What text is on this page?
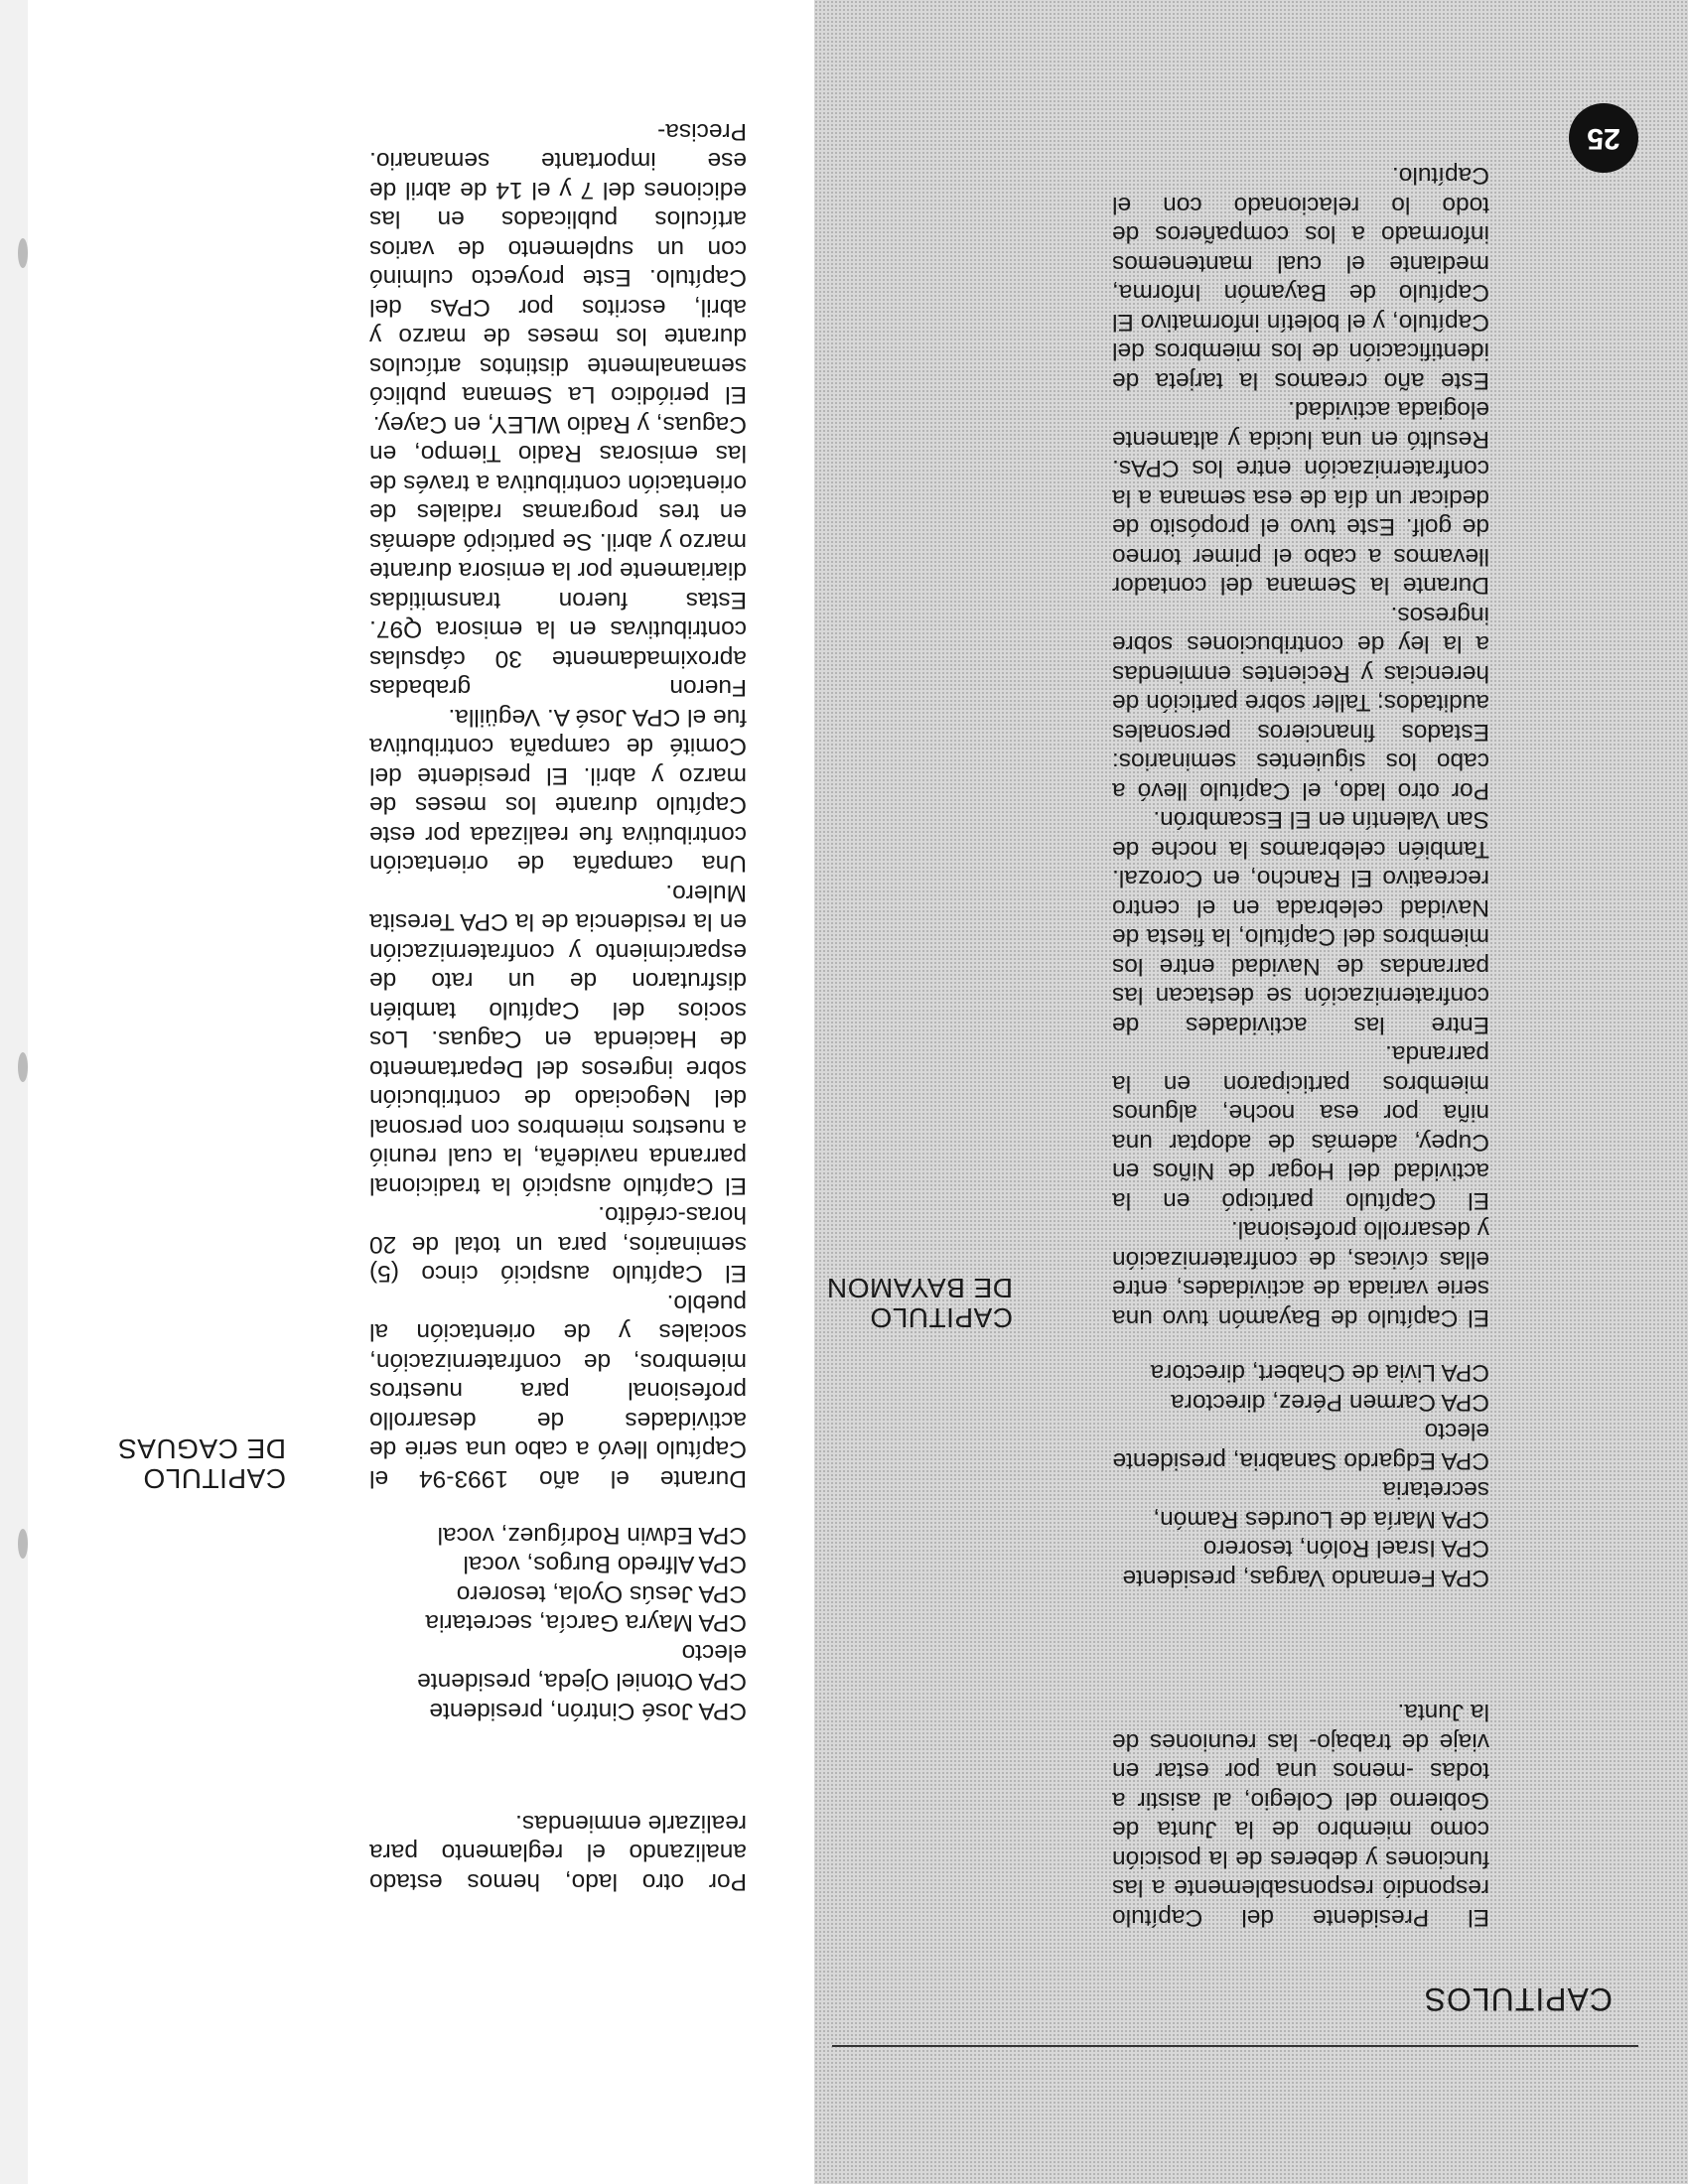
25
CAPITULOS
El Presidente del Capítulo respondió responsablemente a las funciones y deberes de la posición como miembro de la Junta de Gobierno del Colegio, al asistir a todas -menos una por estar en viaje de trabajo- las reuniones de la Junta.
CPA Fernando Vargas, presidente
CPA Israel Rolón, tesorero
CPA María de Lourdes Ramón, secretaria
CPA Edgardo Sanabria, presidente electo
CPA Carmen Pérez, directora
CPA Livia de Chabert, directora
CAPITULO
DE BAYAMON
El Capítulo de Bayamón tuvo una serie variada de actividades, entre ellas cívicas, de confraternización y desarrollo profesional.
El Capítulo participó en la actividad del Hogar de Niños en Cupey, además de adoptar una niña por esa noche, algunos miembros participaron en la parranda.
Entre las actividades de confraternización se destacan las parrandas de Navidad entre los miembros del Capítulo, la fiesta de Navidad celebrada en el centro recreativo El Rancho, en Corozal. También celebramos la noche de San Valentín en El Escambrón.
Por otro lado, el Capítulo llevó a cabo los siguientes seminarios: Estados financieros personales auditados; Taller sobre partición de herencias y Recientes enmiendas a la ley de contribuciones sobre ingresos.
Durante la Semana del contador llevamos a cabo el primer torneo de golf. Este tuvo el propósito de dedicar un día de esa semana a la confraternización entre los CPAs. Resultó en una lucida y altamente elogiada actividad.
Este año creamos la tarjeta de identificación de los miembros del Capítulo, y el boletín informativo El Capítulo de Bayamón Informa, mediante el cual mantenemos informado a los compañeros de todo lo relacionado con el Capítulo.
Por otro lado, hemos estado analizando el reglamento para realizarle enmiendas.
CPA José Cintrón, presidente
CPA Otoniel Ojeda, presidente electo
CPA Mayra García, secretaria
CPA Jesús Oyola, tesorero
CPA Alfredo Burgos, vocal
CPA Edwin Rodríguez, vocal
CAPITULO
DE CAGUAS
Durante el año 1993-94 el Capítulo llevó a cabo una serie de actividades de desarrollo profesional para nuestros miembros, de confraternización, sociales y de orientación al pueblo.
El Capítulo auspició cinco (5) seminarios, para un total de 20 horas-crédito.
El Capítulo auspició la tradicional parranda navideña, la cual reunió a nuestros miembros con personal del Negociado de contribución sobre ingresos del Departamento de Hacienda en Caguas. Los socios del Capítulo también disfrutaron de un rato de esparcimiento y confraternización en la residencia de la CPA Teresita Mulero.
Una campaña de orientación contributiva fue realizada por este Capítulo durante los meses de marzo y abril. El presidente del Comité de campaña contributiva fue el CPA José A. Vegüilla.
Fueron grabadas aproximadamente 30 cápsulas contributivas en la emisora Q97. Estas fueron transmitidas diariamente por la emisora durante marzo y abril. Se participó además en tres programas radiales de orientación contributiva a través de las emisoras Radio Tiempo, en Caguas, y Radio WLEY, en Cayey.
El periódico La Semana publicó semanalmente distintos artículos durante los meses de marzo y abril, escritos por CPAs del Capítulo. Este proyecto culminó con un suplemento de varios artículos publicados en las ediciones del 7 y el 14 de abril de ese importante semanario. Precisa-
